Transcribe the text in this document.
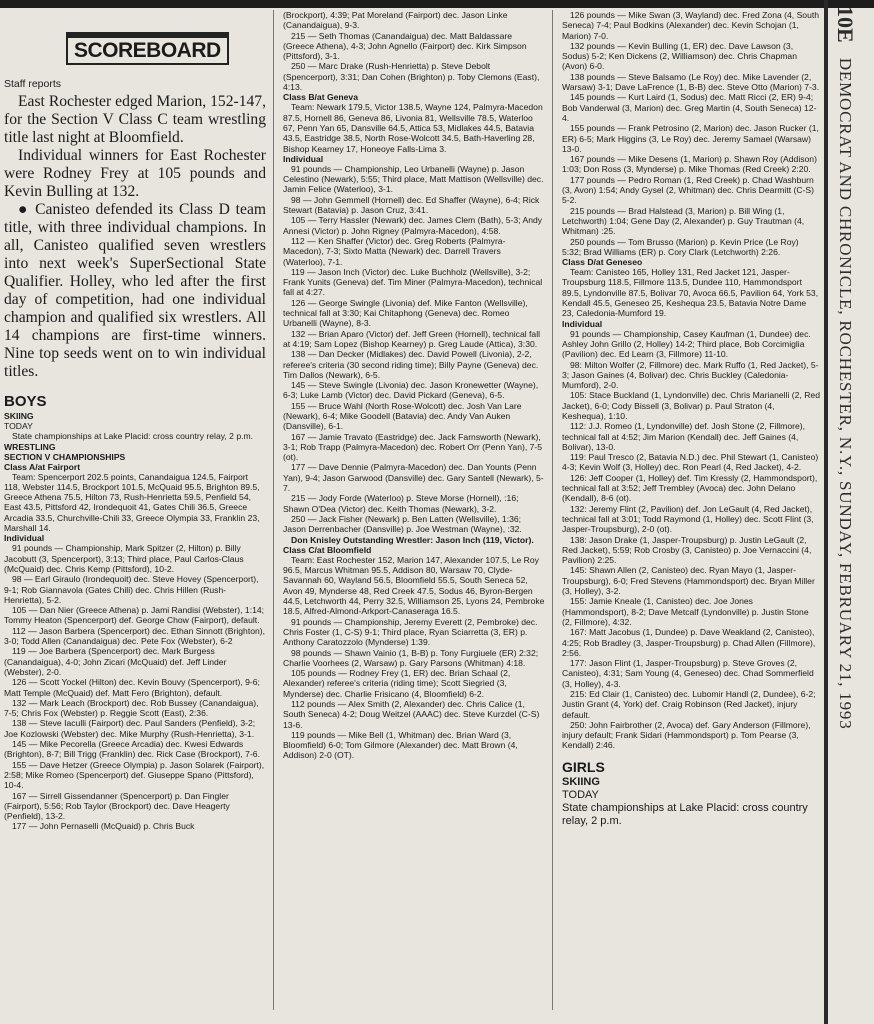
10E   DEMOCRAT AND CHRONICLE, ROCHESTER, N.Y., SUNDAY, FEBRUARY 21, 1993
SCOREBOARD
Staff reports

East Rochester edged Marion, 152-147, for the Section V Class C team wrestling title last night at Bloomfield.

Individual winners for East Rochester were Rodney Frey at 105 pounds and Kevin Bulling at 132.

● Canisteo defended its Class D team title, with three individual champions. In all, Canisteo qualified seven wrestlers into next week's SuperSectional State Qualifier. Holley, who led after the first day of competition, had one individual champion and qualified six wrestlers. All 14 champions are first-time winners. Nine top seeds went on to win individual titles.

BOYS
SKIING
TODAY

State championships at Lake Placid: cross country relay, 2 p.m.

WRESTLING
SECTION V CHAMPIONSHIPS
Class A/at Fairport

Team: Spencerport 202.5 points, Canandaigua 124.5, Fairport 118, Webster 114.5, Brockport 101.5, McQuaid 95.5, Brighton 89.5, Greece Athena 75.5, Hilton 73, Rush-Henrietta 59.5, Penfield 54, East 43.5, Pittsford 42, Irondequoit 41, Gates Chili 36.5, Greece Arcadia 33.5, Churchville-Chili 33, Greece Olympia 33, Franklin 23, Marshall 14.

Individual

91 pounds — Championship, Mark Spitzer (2, Hilton) p. Billy Jacobutt (3, Spencerport), 3:13; Third place, Paul Carlos-Claus (McQuaid) dec. Chris Kemp (Pittsford), 10-2.

98 — Earl Giraulo (Irondequoit) dec. Steve Hovey (Spencerport), 9-1; Rob Giannavola (Gates Chili) dec. Chris Hillen (Rush-Henrietta), 5-2.

105 — Dan Nier (Greece Athena) p. Jami Randisi (Webster), 1:14; Tommy Heaton (Spencerport) def. George Chow (Fairport), default.

112 — Jason Barbera (Spencerport) dec. Ethan Sinnott (Brighton), 3-0; Todd Allen (Canandaigua) dec. Pete Fox (Webster), 6-2

119 — Joe Barbera (Spencerport) dec. Mark Burgess (Canandaigua), 4-0; John Zicari (McQuaid) def. Jeff Linder (Webster), 2-0.

126 — Scott Yockel (Hilton) dec. Kevin Bouvy (Spencerport), 9-6; Matt Temple (McQuaid) def. Matt Fero (Brighton), default.

132 — Mark Leach (Brockport) dec. Rob Bussey (Canandaigua), 7-5; Chris Fox (Webster) p. Reggie Scott (East), 2:36.

138 — Steve Iaculli (Fairport) dec. Paul Sanders (Penfield), 3-2; Joe Kozlowski (Webster) dec. Mike Murphy (Rush-Henrietta), 3-1.

145 — Mike Pecorella (Greece Arcadia) dec. Kwesi Edwards (Brighton), 8-7; Bill Trigg (Franklin) dec. Rick Case (Brockport), 7-6.

155 — Dave Hetzer (Greece Olympia) p. Jason Solarek (Fairport), 2:58; Mike Romeo (Spencerport) def. Giuseppe Spano (Pittsford), 10-4.

167 — Sirrell Gissendanner (Spencerport) p. Dan Fingler (Fairport), 5:56; Rob Taylor (Brockport) dec. Dave Heagerty (Penfield), 13-2.

177 — John Pernaselli (McQuaid) p. Chris Buck

(Brockport), 4:39; Pat Moreland (Fairport) dec. Jason Linke (Canandaigua), 9-3.

215 — Seth Thomas (Canandaigua) dec. Matt Baldassare (Greece Athena), 4-3; John Agnello (Fairport) dec. Kirk Simpson (Pittsford), 3-1.

250 — Marc Drake (Rush-Henrietta) p. Steve Debolt (Spencerport), 3:31; Dan Cohen (Brighton) p. Toby Clemons (East), 4:13.

Class B/at Geneva

Team: Newark 179.5, Victor 138.5, Wayne 124, Palmyra-Macedon 87.5, Hornell 86, Geneva 86, Livonia 81, Wellsville 78.5, Waterloo 67, Penn Yan 65, Dansville 64.5, Attica 53, Midlakes 44.5, Batavia 43.5, Eastridge 38.5, North Rose-Wolcott 34.5, Bath-Haverling 28, Bishop Kearney 17, Honeoye Falls-Lima 3.

Individual

91 pounds — Championship, Leo Urbanelli (Wayne) p. Jason Celestino (Newark), 5:55; Third place, Matt Mattison (Wellsville) dec. Jamin Felice (Waterloo), 3-1.

98 — John Gemmell (Hornell) dec. Ed Shaffer (Wayne), 6-4; Rick Stewart (Batavia) p. Jason Cruz, 3:41.

105 — Terry Hassler (Newark) dec. James Clem (Bath), 5-3; Andy Annesi (Victor) p. John Rigney (Palmyra-Macedon), 4:58.

112 — Ken Shaffer (Victor) dec. Greg Roberts (Palmyra-Macedon), 7-3; Sixto Matta (Newark) dec. Darrell Travers (Waterloo), 7-1.

119 — Jason Inch (Victor) dec. Luke Buchholz (Wellsville), 3-2; Frank Yunits (Geneva) def. Tim Miner (Palmyra-Macedon), technical fall at 4:27.

126 — George Swingle (Livonia) def. Mike Fanton (Wellsville), technical fall at 3:30; Kai Chitaphong (Geneva) dec. Romeo Urbanelli (Wayne), 8-3.

132 — Brian Aparo (Victor) def. Jeff Green (Hornell), technical fall at 4:19; Sam Lopez (Bishop Kearney) p. Greg Laude (Attica), 3:30.

138 — Dan Decker (Midlakes) dec. David Powell (Livonia), 2-2, referee's criteria (30 second riding time); Billy Payne (Geneva) dec. Tim Dallos (Newark), 6-5.

145 — Steve Swingle (Livonia) dec. Jason Kronewetter (Wayne), 6-3; Luke Lamb (Victor) dec. David Pickard (Geneva), 6-5.

155 — Bruce Wahl (North Rose-Wolcott) dec. Josh Van Lare (Newark), 6-4; Mike Goodell (Batavia) dec. Andy Van Auken (Dansville), 6-1.

167 — Jamie Travato (Eastridge) dec. Jack Farnsworth (Newark), 3-1; Rob Trapp (Palmyra-Macedon) dec. Robert Orr (Penn Yan), 7-5 (ot).

177 — Dave Dennie (Palmyra-Macedon) dec. Dan Younts (Penn Yan), 9-4; Jason Garwood (Dansville) dec. Gary Santell (Newark), 5-7.

215 — Jody Forde (Waterloo) p. Steve Morse (Hornell), :16; Shawn O'Dea (Victor) dec. Keith Thomas (Newark), 3-2.

250 — Jack Fisher (Newark) p. Ben Latten (Wellsville), 1:36; Jason Derrenbacher (Dansville) p. Joe Westman (Wayne), :32.

Don Knisley Outstanding Wrestler: Jason Inch (119, Victor).

Class C/at Bloomfield

Team: East Rochester 152, Marion 147, Alexander 107.5, Le Roy 96.5, Marcus Whitman 95.5, Addison 80, Warsaw 70, Clyde-Savannah 60, Wayland 56.5, Bloomfield 55.5, South Seneca 52, Avon 49, Mynderse 48, Red Creek 47.5, Sodus 46, Byron-Bergen 44.5, Letchworth 44, Perry 32.5, Williamson 25, Lyons 24, Pembroke 18.5, Alfred-Almond-Arkport-Canaseraga 16.5.

91 pounds — Championship, Jeremy Everett (2, Pembroke) dec. Chris Foster (1, C-S) 9-1; Third place, Ryan Sciarretta (3, ER) p. Anthony Caratozzolo (Mynderse) 1:39.

98 pounds — Shawn Vainio (1, B-B) p. Tony Furgiuele (ER) 2:32; Charlie Voorhees (2, Warsaw) p. Gary Parsons (Whitman) 4:18.

105 pounds — Rodney Frey (1, ER) dec. Brian Schaal (2, Alexander) referee's criteria (riding time); Scott Siegried (3, Mynderse) dec. Charlie Frisicano (4, Bloomfield) 6-2.

112 pounds — Alex Smith (2, Alexander) dec. Chris Calice (1, South Seneca) 4-2; Doug Weitzel (AAAC) dec. Steve Kurzdel (C-S) 13-6.

119 pounds — Mike Bell (1, Whitman) dec. Brian Ward (3, Bloomfield) 6-0; Tom Gilmore (Alexander) dec. Matt Brown (4, Addison) 2-0 (OT).

126 pounds — Mike Swan (3, Wayland) dec. Fred Zona (4, South Seneca) 7-4; Paul Bodkins (Alexander) dec. Kevin Schojan (1, Marion) 7-0.

132 pounds — Kevin Bulling (1, ER) dec. Dave Lawson (3, Sodus) 5-2; Ken Dickens (2, Williamson) dec. Chris Chapman (Avon) 6-0.

138 pounds — Steve Balsamo (Le Roy) dec. Mike Lavender (2, Warsaw) 3-1; Dave LaFrence (1, B-B) dec. Steve Otto (Marion) 7-3.

145 pounds — Kurt Laird (1, Sodus) dec. Matt Ricci (2, ER) 9-4; Bob Vanderwal (3, Marion) dec. Greg Martin (4, South Seneca) 12-4.

155 pounds — Frank Petrosino (2, Marion) dec. Jason Rucker (1, ER) 6-5; Mark Higgins (3, Le Roy) dec. Jeremy Samael (Warsaw) 13-0.

167 pounds — Mike Desens (1, Marion) p. Shawn Roy (Addison) 1:03; Don Ross (3, Mynderse) p. Mike Thomas (Red Creek) 2:20.

177 pounds — Pedro Roman (1, Red Creek) p. Chad Washburn (3, Avon) 1:54; Andy Gysel (2, Whitman) dec. Chris Dearmitt (C-S) 5-2.

215 pounds — Brad Halstead (3, Marion) p. Bill Wing (1, Letchworth) 1:04; Gene Day (2, Alexander) p. Guy Trautman (4, Whitman) :25.

250 pounds — Tom Brusso (Marion) p. Kevin Price (Le Roy) 5:32; Brad Williams (ER) p. Cory Clark (Letchworth) 2:26.

Class D/at Geneseo

Team: Canisteo 165, Holley 131, Red Jacket 121, Jasper-Troupsburg 118.5, Fillmore 113.5, Dundee 110, Hammondsport 89.5, Lyndonville 87.5, Bolivar 70, Avoca 66.5, Pavilion 64, York 53, Kendall 45.5, Geneseo 25, Keshequa 23.5, Batavia Notre Dame 23, Caledonia-Mumford 19.

Individual

91 pounds — Championship, Casey Kaufman (1, Dundee) dec. Ashley John Grillo (2, Holley) 14-2; Third place, Bob Corcimiglia (Pavilion) dec. Ed Learn (3, Fillmore) 11-10.

98: Milton Wolfer (2, Fillmore) dec. Mark Ruffo (1, Red Jacket), 5-3; Jason Gaines (4, Bolivar) dec. Chris Buckley (Caledonia-Mumford), 2-0.

105: Stace Buckland (1, Lyndonville) dec. Chris Marianelli (2, Red Jacket), 6-0; Cody Bissell (3, Bolivar) p. Paul Straton (4, Keshequa), 1:10.

112: J.J. Romeo (1, Lyndonville) def. Josh Stone (2, Fillmore), technical fall at 4:52; Jim Marion (Kendall) dec. Jeff Gaines (4, Bolivar), 13-0.

119: Paul Tresco (2, Batavia N.D.) dec. Phil Stewart (1, Canisteo) 4-3; Kevin Wolf (3, Holley) dec. Ron Pearl (4, Red Jacket), 4-2.

126: Jeff Cooper (1, Holley) def. Tim Kressly (2, Hammondsport), technical fall at 3:52; Jeff Trembley (Avoca) dec. John Delano (Kendall), 8-6 (ot).

132: Jeremy Flint (2, Pavilion) def. Jon LeGault (4, Red Jacket), technical fall at 3:01; Todd Raymond (1, Holley) dec. Scott Flint (3, Jasper-Troupsburg), 2-0 (ot).

138: Jason Drake (1, Jasper-Troupsburg) p. Justin LeGault (2, Red Jacket), 5:59; Rob Crosby (3, Canisteo) p. Joe Vernaccini (4, Pavilion) 2:25.

145: Shawn Allen (2, Canisteo) dec. Ryan Mayo (1, Jasper-Troupsburg), 6-0; Fred Stevens (Hammondsport) dec. Bryan Miller (3, Holley), 3-2.

155: Jamie Kneale (1, Canisteo) dec. Joe Jones (Hammondsport), 8-2; Dave Metcalf (Lyndonville) p. Justin Stone (2, Fillmore), 4:32.

167: Matt Jacobus (1, Dundee) p. Dave Weakland (2, Canisteo), 4:25; Rob Bradley (3, Jasper-Troupsburg) p. Chad Allen (Fillmore), 2:56.

177: Jason Flint (1, Jasper-Troupsburg) p. Steve Groves (2, Canisteo), 4:31; Sam Young (4, Geneseo) dec. Chad Sommerfield (3, Holley), 4-3.

215: Ed Clair (1, Canisteo) dec. Lubomir Handl (2, Dundee), 6-2; Justin Grant (4, York) def. Craig Robinson (Red Jacket), injury default.

250: John Fairbrother (2, Avoca) def. Gary Anderson (Fillmore), injury default; Frank Sidari (Hammondsport) p. Tom Pearse (3, Kendall) 2:46.

GIRLS
SKIING
TODAY
State championships at Lake Placid: cross country relay, 2 p.m.
